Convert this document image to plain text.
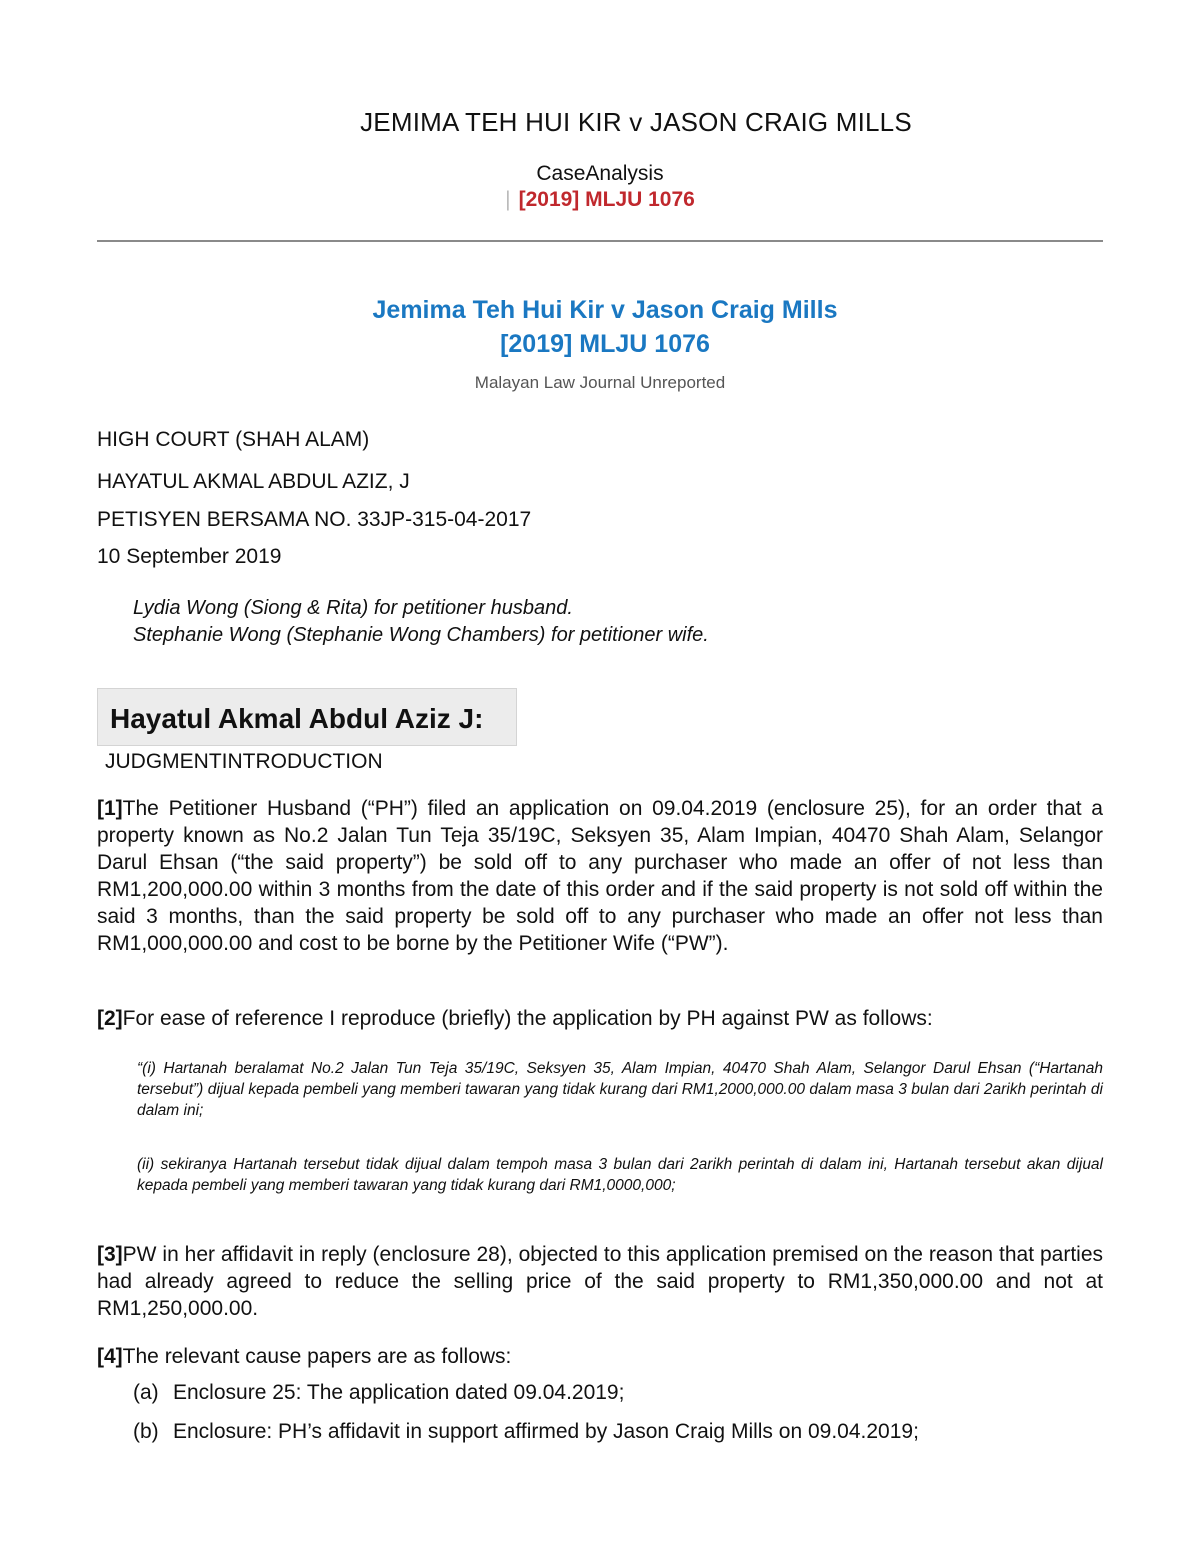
JEMIMA TEH HUI KIR v JASON CRAIG MILLS
CaseAnalysis
| [2019] MLJU 1076
Jemima Teh Hui Kir v Jason Craig Mills
[2019] MLJU 1076
Malayan Law Journal Unreported
HIGH COURT (SHAH ALAM)
HAYATUL AKMAL ABDUL AZIZ, J
PETISYEN BERSAMA NO. 33JP-315-04-2017
10 September 2019
Lydia Wong (Siong & Rita) for petitioner husband.
Stephanie Wong (Stephanie Wong Chambers) for petitioner wife.
Hayatul Akmal Abdul Aziz J:
JUDGMENTINTRODUCTION
[1]The Petitioner Husband (“PH”) filed an application on 09.04.2019 (enclosure 25), for an order that a property known as No.2 Jalan Tun Teja 35/19C, Seksyen 35, Alam Impian, 40470 Shah Alam, Selangor Darul Ehsan (“the said property”) be sold off to any purchaser who made an offer of not less than RM1,200,000.00 within 3 months from the date of this order and if the said property is not sold off within the said 3 months, than the said property be sold off to any purchaser who made an offer not less than RM1,000,000.00 and cost to be borne by the Petitioner Wife (“PW”).
[2]For ease of reference I reproduce (briefly) the application by PH against PW as follows:
“(i) Hartanah beralamat No.2 Jalan Tun Teja 35/19C, Seksyen 35, Alam Impian, 40470 Shah Alam, Selangor Darul Ehsan (“Hartanah tersebut”) dijual kepada pembeli yang memberi tawaran yang tidak kurang dari RM1,2000,000.00 dalam masa 3 bulan dari 2arikh perintah di dalam ini;
(ii) sekiranya Hartanah tersebut tidak dijual dalam tempoh masa 3 bulan dari 2arikh perintah di dalam ini, Hartanah tersebut akan dijual kepada pembeli yang memberi tawaran yang tidak kurang dari RM1,0000,000;
[3]PW in her affidavit in reply (enclosure 28), objected to this application premised on the reason that parties had already agreed to reduce the selling price of the said property to RM1,350,000.00 and not at RM1,250,000.00.
[4]The relevant cause papers are as follows:
(a) Enclosure 25: The application dated 09.04.2019;
(b) Enclosure: PH’s affidavit in support affirmed by Jason Craig Mills on 09.04.2019;
